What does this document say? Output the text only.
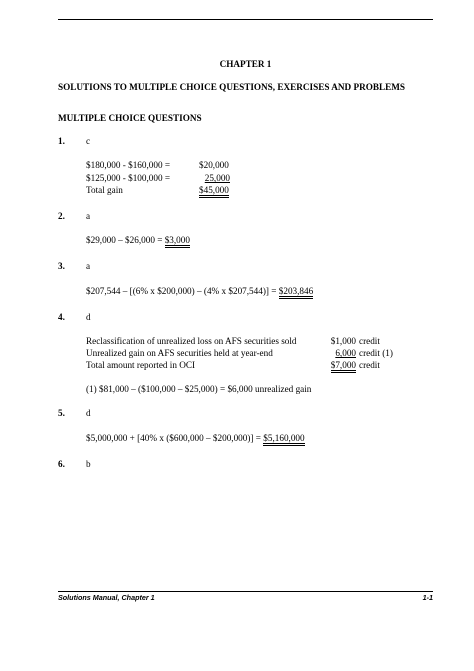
CHAPTER 1
SOLUTIONS TO MULTIPLE CHOICE QUESTIONS, EXERCISES AND PROBLEMS
MULTIPLE CHOICE QUESTIONS
1. c
$180,000 - $160,000 =	$20,000
$125,000 - $100,000 =	25,000
Total gain	$45,000
2. a
$29,000 – $26,000 = $3,000
3. a
$207,544 – [(6% x $200,000) – (4% x $207,544)] = $203,846
4. d
Reclassification of unrealized loss on AFS securities sold	$1,000 credit
Unrealized gain on AFS securities held at year-end	6,000 credit (1)
Total amount reported in OCI	$7,000 credit
(1) $81,000 – ($100,000 – $25,000) = $6,000 unrealized gain
5. d
$5,000,000 + [40% x ($600,000 – $200,000)] = $5,160,000
6. b
Solutions Manual, Chapter 1	1-1
